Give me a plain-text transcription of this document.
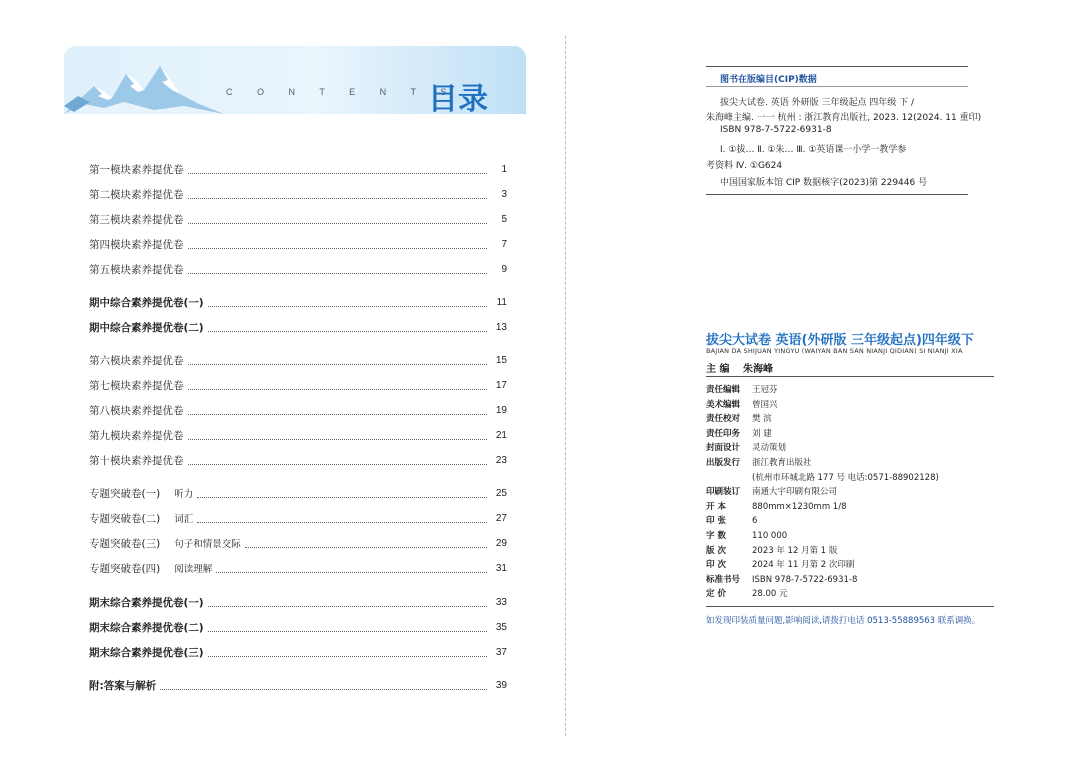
C O N T E N T S
目录
第一模块素养提优卷	1
第二模块素养提优卷	3
第三模块素养提优卷	5
第四模块素养提优卷	7
第五模块素养提优卷	9
期中综合素养提优卷(一)	11
期中综合素养提优卷(二)	13
第六模块素养提优卷	15
第七模块素养提优卷	17
第八模块素养提优卷	19
第九模块素养提优卷	21
第十模块素养提优卷	23
专题突破卷(一) 听力	25
专题突破卷(二) 词汇	27
专题突破卷(三) 句子和情景交际	29
专题突破卷(四) 阅读理解	31
期末综合素养提优卷(一)	33
期末综合素养提优卷(二)	35
期末综合素养提优卷(三)	37
附:答案与解析	39
图书在版编目(CIP)数据
拔尖大试卷. 英语 外研版 三年级起点 四年级 下 /
朱海峰主编. 一一 杭州 : 浙江教育出版社, 2023. 12(2024. 11 重印)
ISBN 978-7-5722-6931-8
Ⅰ. ①拔… Ⅱ. ①朱… Ⅲ. ①英语课一小学一教学参
考资料 Ⅳ. ①G624
中国国家版本馆 CIP 数据核字(2023)第 229446 号
拔尖大试卷 英语(外研版 三年级起点)四年级下
BAJIAN DA SHIJUAN YINGYU (WAIYAN BAN SAN NIANJI QIDIAN) SI NIANJI XIA
主 编 朱海峰
责任编辑 王冠芬
美术编辑 曾国兴
责任校对 樊 滨
责任印务 刘 建
封面设计 灵动策划
出版发行 浙江教育出版社
(杭州市环城北路 177 号 电话:0571-88902128)
印刷装订 南通大宇印刷有限公司
开 本	880mm×1230mm 1/8
印 张	6
字 数	110 000
版 次	2023 年 12 月第 1 版
印 次	2024 年 11 月第 2 次印刷
标准书号 ISBN 978-7-5722-6931-8
定 价	28.00 元
如发现印装质量问题,影响阅读,请拨打电话 0513-55889563 联系调换。
